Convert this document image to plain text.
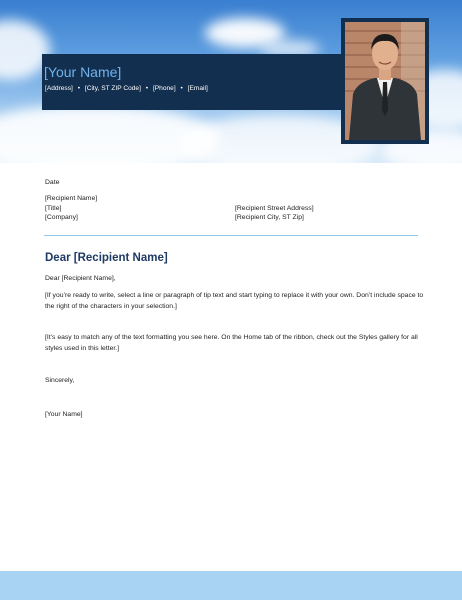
[Your Name]
[Address] • [City, ST ZIP Code] • [Phone] • [Email]
Date
[Recipient Name]
[Title]
[Company]
[Recipient Street Address]
[Recipient City, ST Zip]
Dear [Recipient Name]
Dear [Recipient Name],
[If you’re ready to write, select a line or paragraph of tip text and start typing to replace it with your own. Don’t include space to the right of the characters in your selection.]
[It’s easy to match any of the text formatting you see here. On the Home tab of the ribbon, check out the Styles gallery for all styles used in this letter.]
Sincerely,
[Your Name]
